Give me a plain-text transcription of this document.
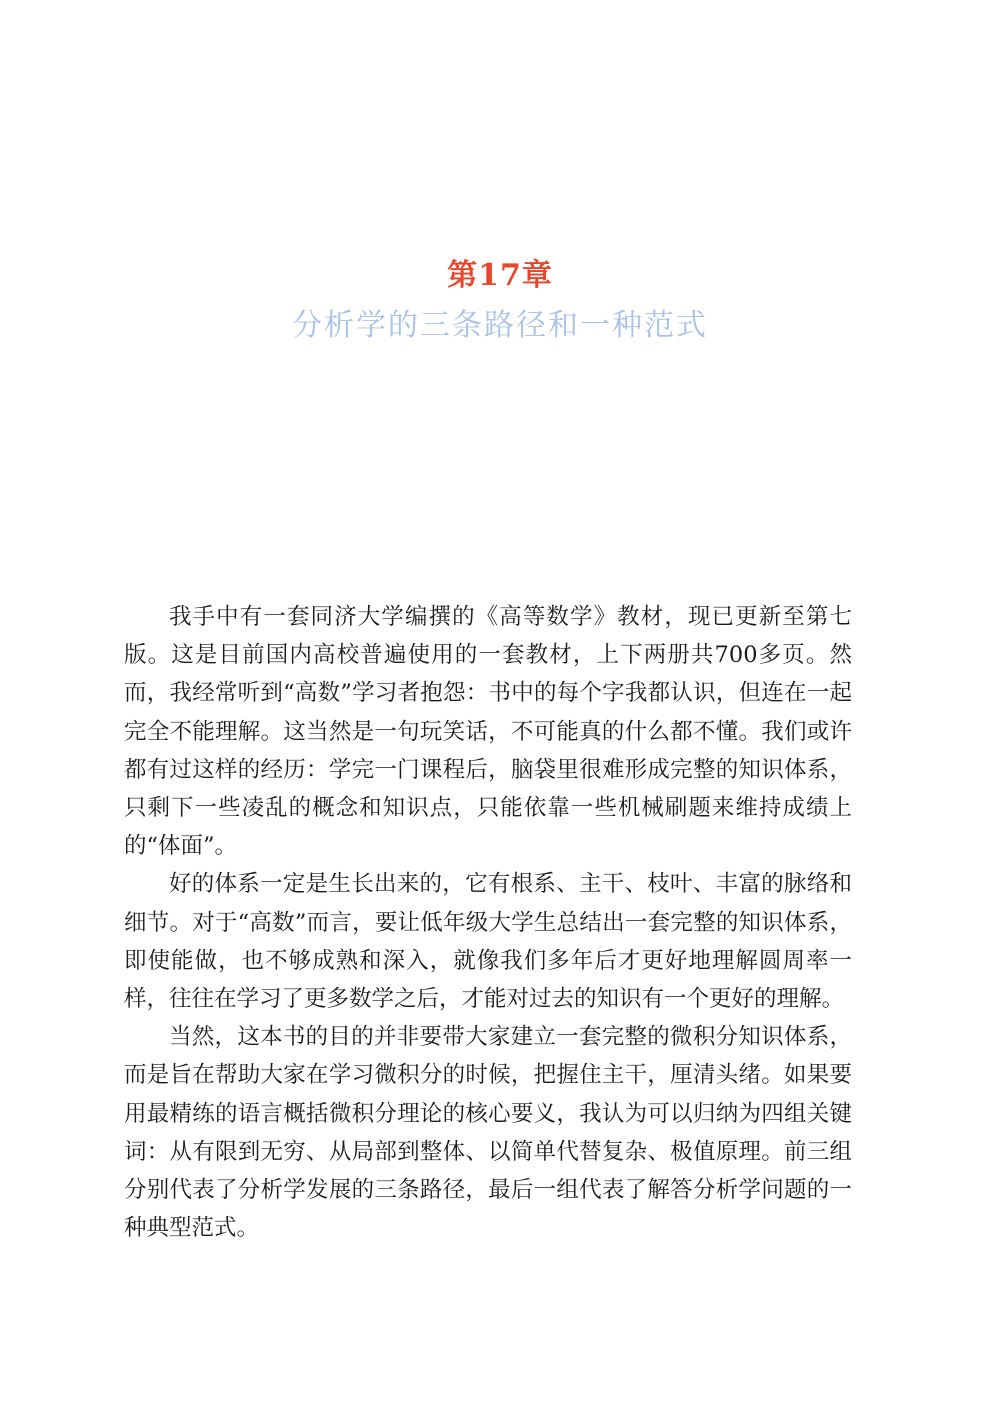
第17章
分析学的三条路径和一种范式

我手中有一套同济大学编撰的《高等数学》教材，现已更新至第七版。这是目前国内高校普遍使用的一套教材，上下两册共700多页。然而，我经常听到“高数”学习者抱怨：书中的每个字我都认识，但连在一起完全不能理解。这当然是一句玩笑话，不可能真的什么都不懂。我们或许都有过这样的经历：学完一门课程后，脑袋里很难形成完整的知识体系，只剩下一些凌乱的概念和知识点，只能依靠一些机械刷题来维持成绩上的“体面”。

好的体系一定是生长出来的，它有根系、主干、枝叶、丰富的脉络和细节。对于“高数”而言，要让低年级大学生总结出一套完整的知识体系，即使能做，也不够成熟和深入，就像我们多年后才更好地理解圆周率一样，往往在学习了更多数学之后，才能对过去的知识有一个更好的理解。

当然，这本书的目的并非要带大家建立一套完整的微积分知识体系，而是旨在帮助大家在学习微积分的时候，把握住主干，厘清头绪。如果要用最精练的语言概括微积分理论的核心要义，我认为可以归纳为四组关键词：从有限到无穷、从局部到整体、以简单代替复杂、极值原理。前三组分别代表了分析学发展的三条路径，最后一组代表了解答分析学问题的一种典型范式。
